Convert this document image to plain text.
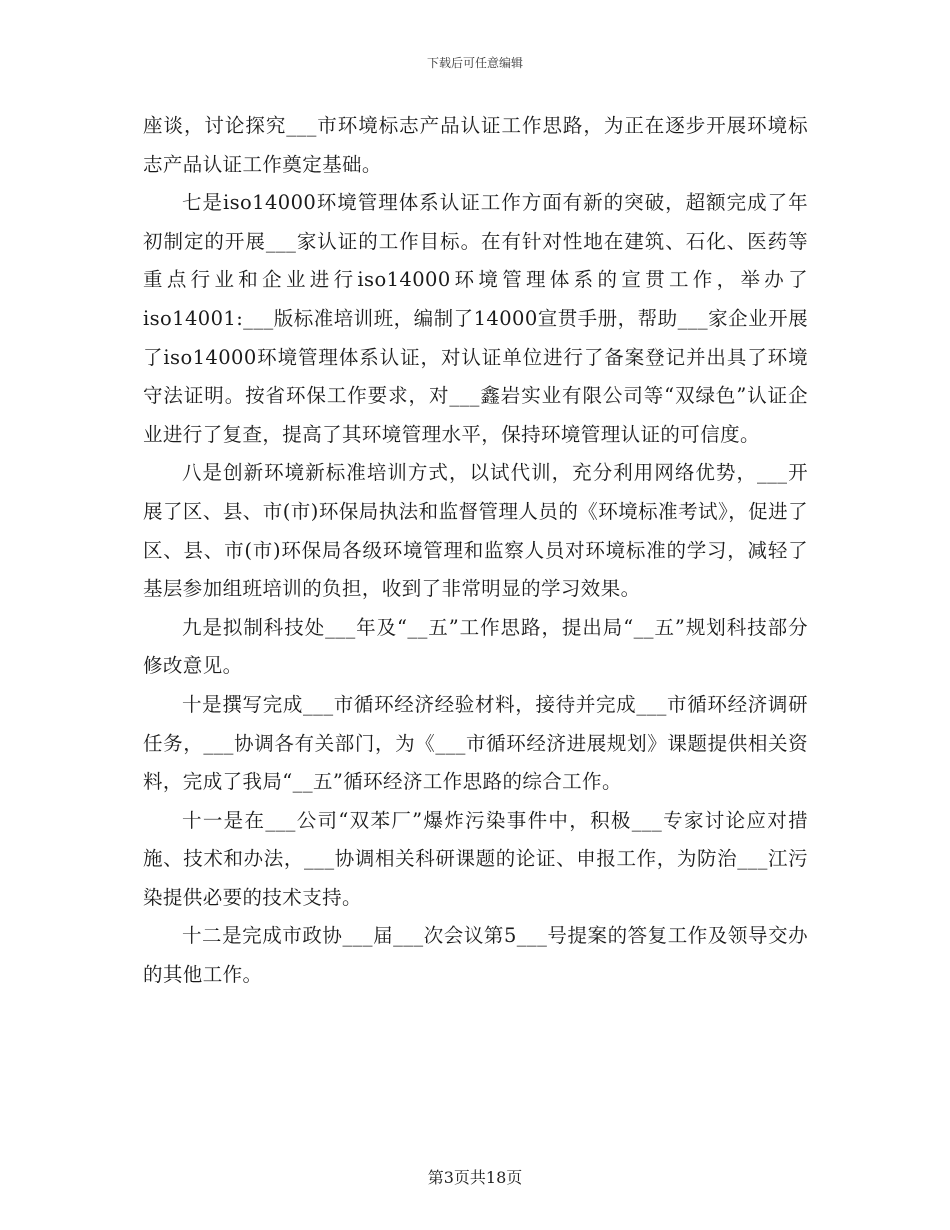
下载后可任意编辑

座谈，讨论探究___市环境标志产品认证工作思路，为正在逐步开展环境标志产品认证工作奠定基础。

七是iso14000环境管理体系认证工作方面有新的突破，超额完成了年初制定的开展___家认证的工作目标。在有针对性地在建筑、石化、医药等重点行业和企业进行iso14000环境管理体系的宣贯工作，举办了iso14001:___版标准培训班，编制了14000宣贯手册，帮助___家企业开展了iso14000环境管理体系认证，对认证单位进行了备案登记并出具了环境守法证明。按省环保工作要求，对___鑫岩实业有限公司等“双绿色”认证企业进行了复查，提高了其环境管理水平，保持环境管理认证的可信度。

八是创新环境新标准培训方式，以试代训，充分利用网络优势，___开展了区、县、市(市)环保局执法和监督管理人员的《环境标准考试》，促进了区、县、市(市)环保局各级环境管理和监察人员对环境标准的学习，减轻了基层参加组班培训的负担，收到了非常明显的学习效果。

九是拟制科技处___年及“__五”工作思路，提出局“__五”规划科技部分修改意见。

十是撰写完成___市循环经济经验材料，接待并完成___市循环经济调研任务，___协调各有关部门，为《___市循环经济进展规划》课题提供相关资料，完成了我局“__五”循环经济工作思路的综合工作。

十一是在___公司“双苯厂”爆炸污染事件中，积极___专家讨论应对措施、技术和办法，___协调相关科研课题的论证、申报工作，为防治___江污染提供必要的技术支持。

十二是完成市政协___届___次会议第5___号提案的答复工作及领导交办的其他工作。

第3页共18页
